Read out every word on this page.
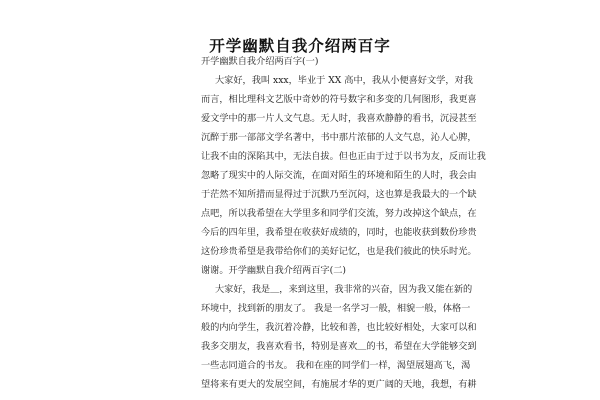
开学幽默自我介绍两百字
开学幽默自我介绍两百字(一)
大家好，我叫 xxx，毕业于 XX 高中，我从小便喜好文学，对我
而言，相比理科文艺版中奇妙的符号数字和多变的几何图形，我更喜
爱文学中的那一片人文气息。无人时，我喜欢静静的看书，沉浸甚至
沉醉于那一部部文学名著中，书中那片浓郁的人文气息，沁人心脾，
让我不由的深陷其中，无法自拔。但也正由于过于以书为友，反而让我
忽略了现实中的人际交流，在面对陌生的环境和陌生的人时，我会由
于茫然不知所措而显得过于沉默乃至沉闷，这也算是我最大的一个缺
点吧，所以我希望在大学里多和同学们交流，努力改掉这个缺点，在
今后的四年里，我希望在收获好成绩的，同时，也能收获到数份珍贵
这份珍贵希望是我带给你们的美好记忆，也是我们彼此的快乐时光。
谢谢。开学幽默自我介绍两百字(二)
大家好，我是＿，来到这里，我非常的兴奋，因为我又能在新的
环境中，找到新的朋友了。 我是一名学习一般，相貌一般，体格一
般的内向学生，我沉着冷静，比较和善，也比较好相处，大家可以和
我多交朋友，我喜欢看书，特别是喜欢＿的书，希望在大学能够交到
一些志同道合的书友。 我和在座的同学们一样，渴望展翅高飞，渴
望将来有更大的发展空间，有施展才华的更广阔的天地，我想，有耕
